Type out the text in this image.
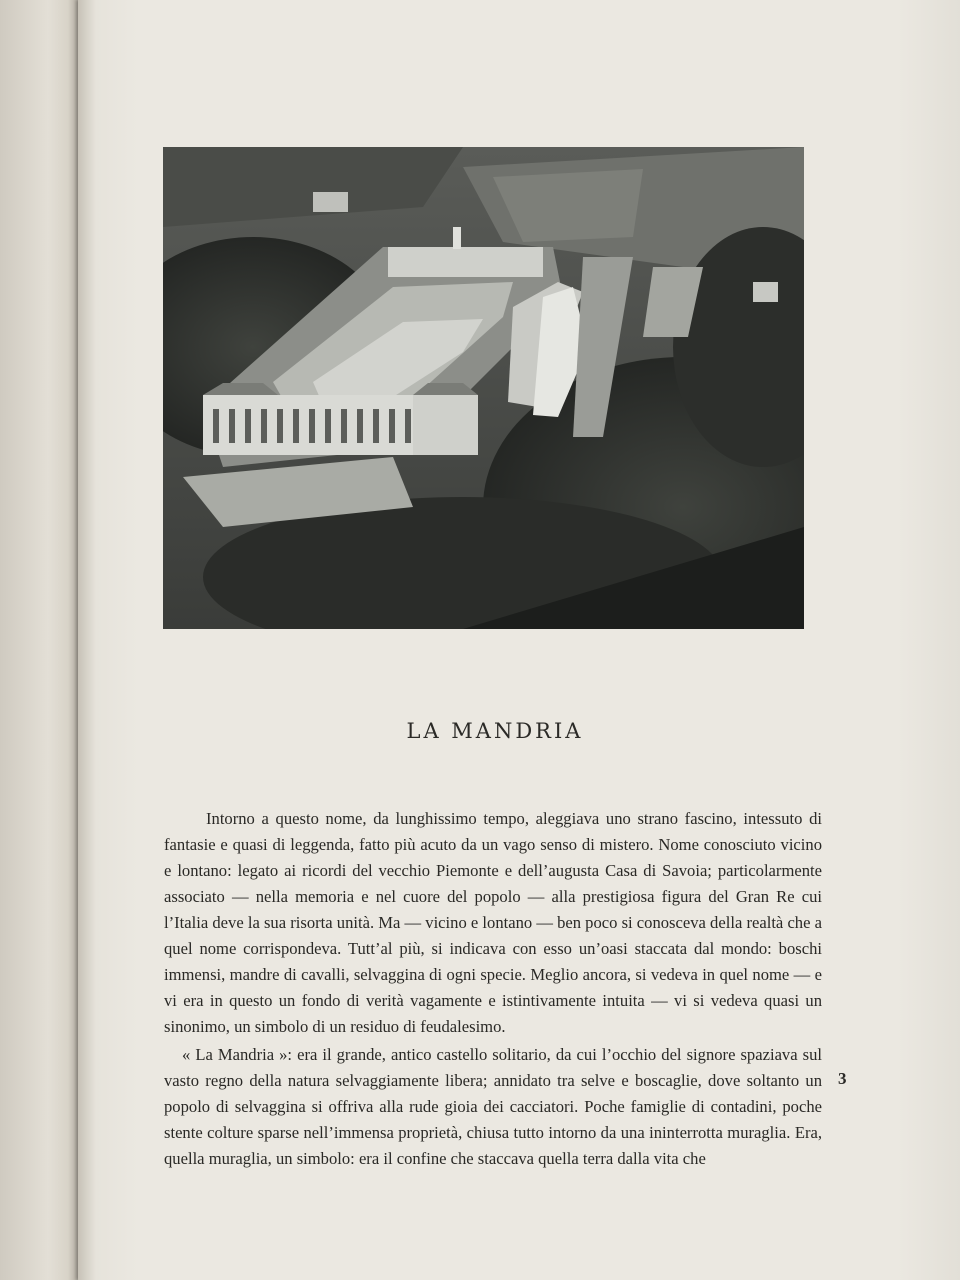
LA MANDRIA

Intorno a questo nome, da lunghissimo tempo, aleggiava uno strano fascino, intessuto di fantasie e quasi di leggenda, fatto più acuto da un vago senso di mistero. Nome conosciuto vicino e lontano: legato ai ricordi del vecchio Piemonte e dell’augusta Casa di Savoia; particolarmente associato — nella memoria e nel cuore del popolo — alla prestigiosa figura del Gran Re cui l’Italia deve la sua risorta unità. Ma — vicino e lontano — ben poco si conosceva della realtà che a quel nome corrispondeva. Tutt’al più, si indicava con esso un’oasi staccata dal mondo: boschi immensi, mandre di cavalli, selvaggina di ogni specie. Meglio ancora, si vedeva in quel nome — e vi era in questo un fondo di verità vagamente e istintivamente intuita — vi si vedeva quasi un sinonimo, un simbolo di un residuo di feudalesimo.

« La Mandria »: era il grande, antico castello solitario, da cui l’occhio del signore spaziava sul vasto regno della natura selvaggiamente libera; annidato tra selve e boscaglie, dove soltanto un popolo di selvaggina si offriva alla rude gioia dei cacciatori. Poche famiglie di contadini, poche stente colture sparse nell’immensa proprietà, chiusa tutto intorno da una ininterrotta muraglia. Era, quella muraglia, un simbolo: era il confine che staccava quella terra dalla vita che

3
